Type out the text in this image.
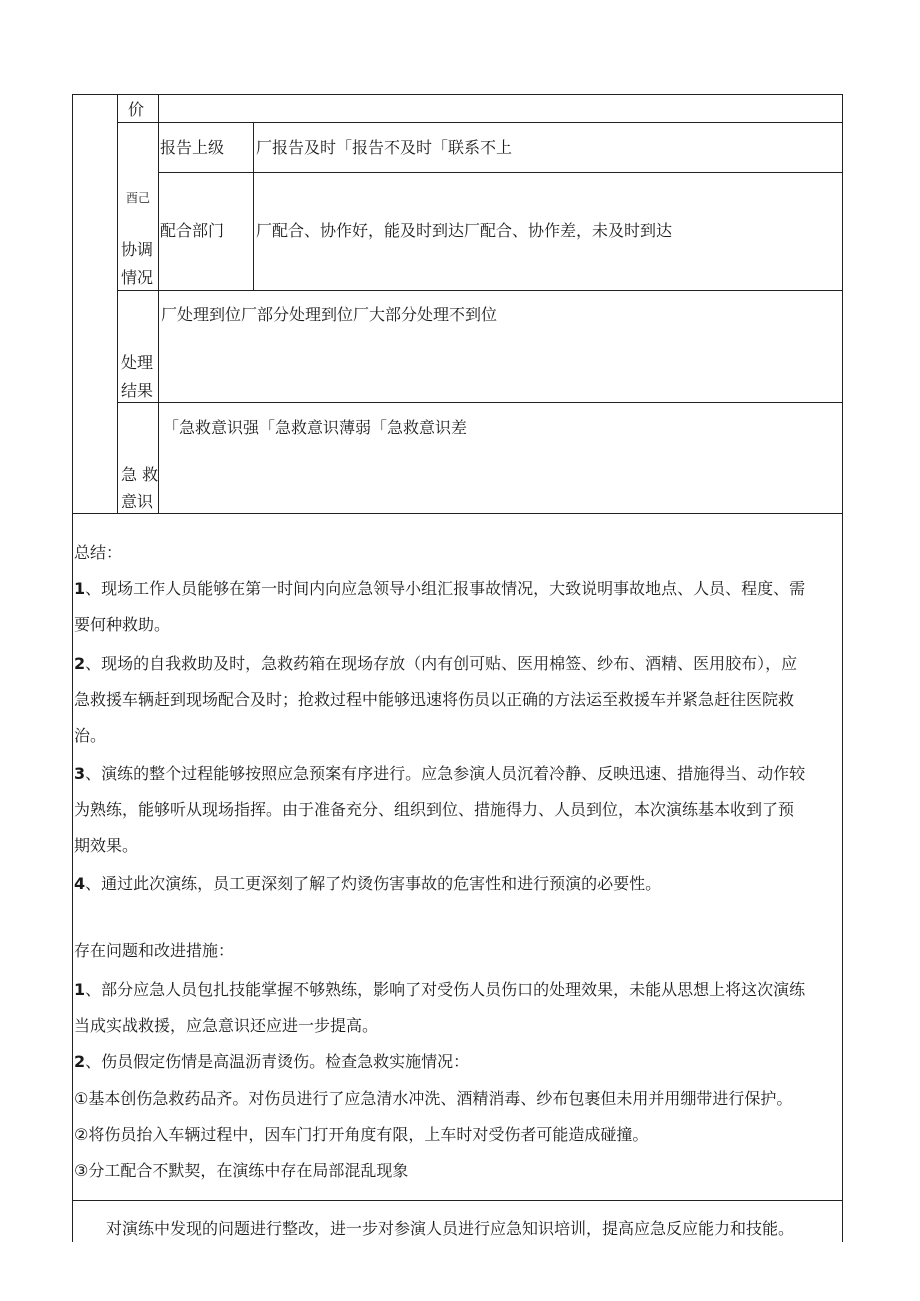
价

酉己

协调

情况

报告上级 厂报告及时「报告不及时「联系不上

配合部门 厂配合、协作好，能及时到达厂配合、协作差，未及时到达

厂处理到位厂部分处理到位厂大部分处理不到位

处理

结果

「急救意识强「急救意识薄弱「急救意识差

急 救

意识

总结：

1、现场工作人员能够在第一时间内向应急领导小组汇报事故情况，大致说明事故地点、人员、程度、需

要何种救助。

2、现场的自我救助及时，急救药箱在现场存放（内有创可贴、医用棉签、纱布、酒精、医用胶布），应

急救援车辆赶到现场配合及时；抢救过程中能够迅速将伤员以正确的方法运至救援车并紧急赶往医院救

治。

3、演练的整个过程能够按照应急预案有序进行。应急参演人员沉着冷静、反映迅速、措施得当、动作较

为熟练，能够听从现场指挥。由于准备充分、组织到位、措施得力、人员到位，本次演练基本收到了预

期效果。

4、通过此次演练，员工更深刻了解了灼烫伤害事故的危害性和进行预演的必要性。

存在问题和改进措施：

1、部分应急人员包扎技能掌握不够熟练，影响了对受伤人员伤口的处理效果，未能从思想上将这次演练

当成实战救援，应急意识还应进一步提高。

2、伤员假定伤情是高温沥青烫伤。检查急救实施情况：

①基本创伤急救药品齐。对伤员进行了应急清水冲洗、酒精消毒、纱布包裹但未用并用绷带进行保护。

②将伤员抬入车辆过程中，因车门打开角度有限，上车时对受伤者可能造成碰撞。

③分工配合不默契，在演练中存在局部混乱现象

对演练中发现的问题进行整改，进一步对参演人员进行应急知识培训，提高应急反应能力和技能。
